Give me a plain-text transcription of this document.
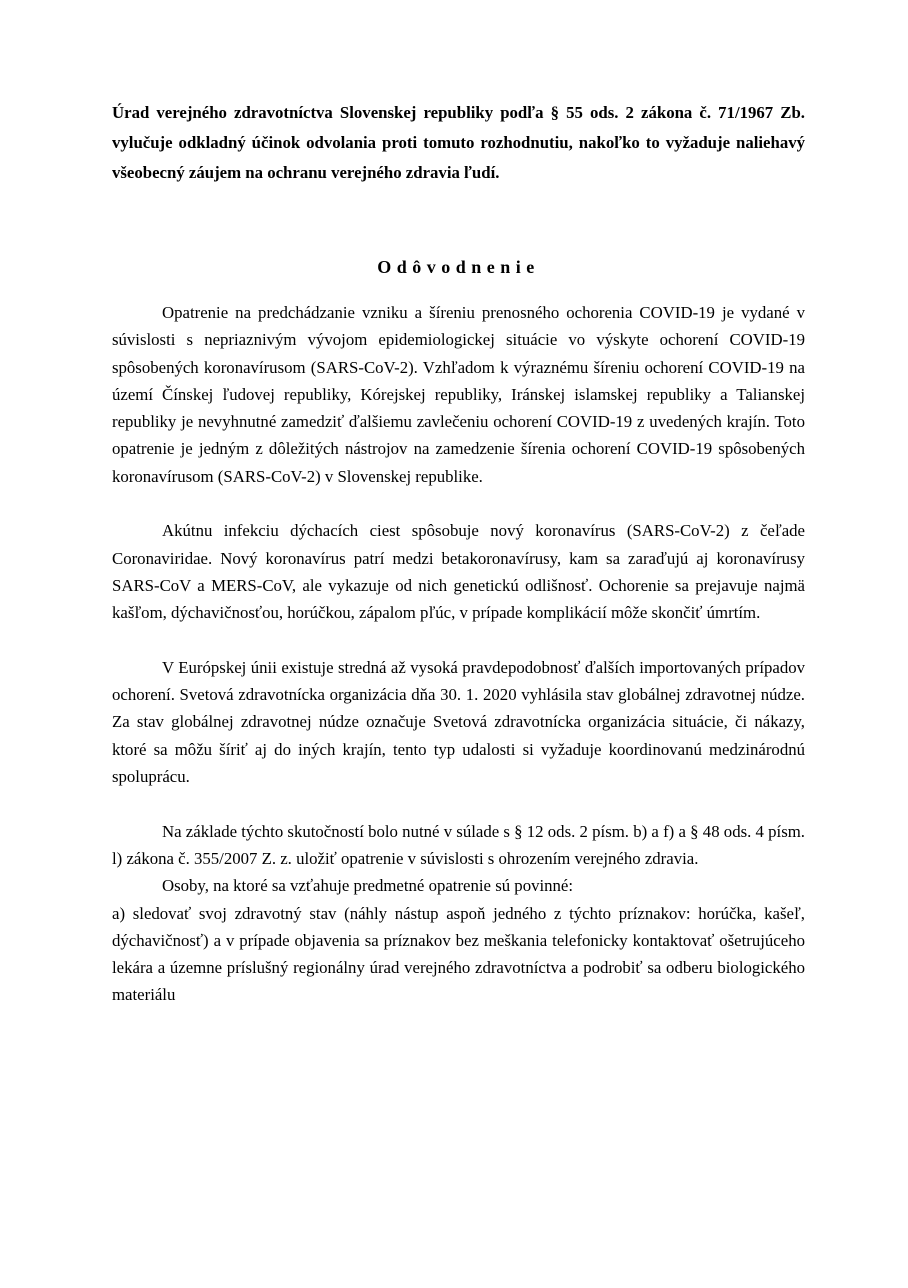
Úrad verejného zdravotníctva Slovenskej republiky podľa § 55 ods. 2 zákona č. 71/1967 Zb. vylučuje odkladný účinok odvolania proti tomuto rozhodnutiu, nakoľko to vyžaduje naliehavý všeobecný záujem na ochranu verejného zdravia ľudí.

Odôvodnenie

Opatrenie na predchádzanie vzniku a šíreniu prenosného ochorenia COVID-19 je vydané v súvislosti s nepriaznivým vývojom epidemiologickej situácie vo výskyte ochorení COVID-19 spôsobených koronavírusom (SARS-CoV-2). Vzhľadom k výraznému šíreniu ochorení COVID-19 na území Čínskej ľudovej republiky, Kórejskej republiky, Iránskej islamskej republiky a Talianskej republiky je nevyhnutné zamedziť ďalšiemu zavlečeniu ochorení COVID-19 z uvedených krajín. Toto opatrenie je jedným z dôležitých nástrojov na zamedzenie šírenia ochorení COVID-19 spôsobených koronavírusom (SARS-CoV-2) v Slovenskej republike.

Akútnu infekciu dýchacích ciest spôsobuje nový koronavírus (SARS-CoV-2) z čeľade Coronaviridae. Nový koronavírus patrí medzi betakoronavírusy, kam sa zaraďujú aj koronavírusy SARS-CoV a MERS-CoV, ale vykazuje od nich genetickú odlišnosť. Ochorenie sa prejavuje najmä kašľom, dýchavičnosťou, horúčkou, zápalom pľúc, v prípade komplikácií môže skončiť úmrtím.

V Európskej únii existuje stredná až vysoká pravdepodobnosť ďalších importovaných prípadov ochorení. Svetová zdravotnícka organizácia dňa 30. 1. 2020 vyhlásila stav globálnej zdravotnej núdze. Za stav globálnej zdravotnej núdze označuje Svetová zdravotnícka organizácia situácie, či nákazy, ktoré sa môžu šíriť aj do iných krajín, tento typ udalosti si vyžaduje koordinovanú medzinárodnú spoluprácu.

Na základe týchto skutočností bolo nutné v súlade s § 12 ods. 2 písm. b) a f) a § 48 ods. 4 písm. l) zákona č. 355/2007 Z. z. uložiť opatrenie v súvislosti s ohrozením verejného zdravia.

Osoby, na ktoré sa vzťahuje predmetné opatrenie sú povinné:

a) sledovať svoj zdravotný stav (náhly nástup aspoň jedného z týchto príznakov: horúčka, kašeľ, dýchavičnosť) a v prípade objavenia sa príznakov bez meškania telefonicky kontaktovať ošetrujúceho lekára a územne príslušný regionálny úrad verejného zdravotníctva a podrobiť sa odberu biologického materiálu
